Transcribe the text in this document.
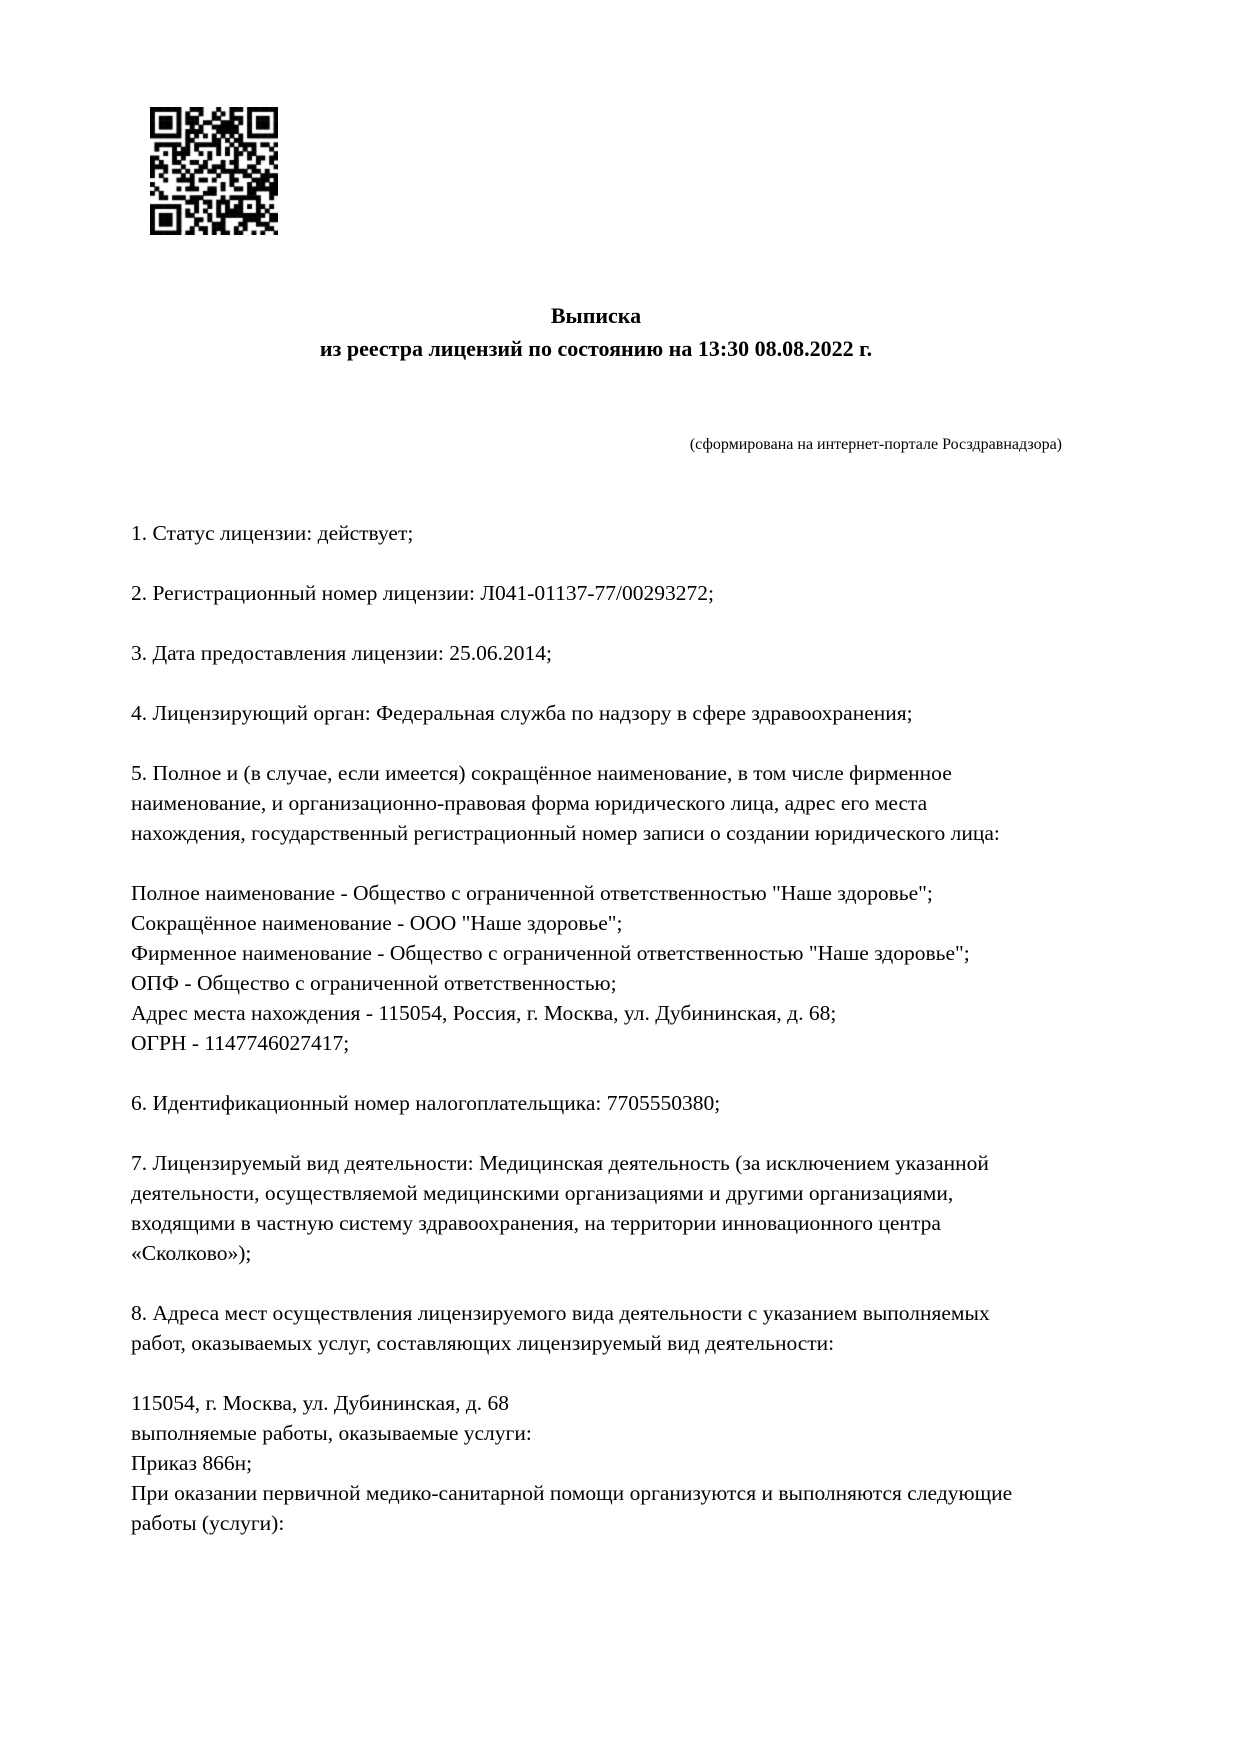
Выписка
из реестра лицензий по состоянию на 13:30 08.08.2022 г.
(сформирована на интернет-портале Росздравнадзора)
1. Статус лицензии: действует;
2. Регистрационный номер лицензии: Л041-01137-77/00293272;
3. Дата предоставления лицензии: 25.06.2014;
4. Лицензирующий орган: Федеральная служба по надзору в сфере здравоохранения;
5. Полное и (в случае, если имеется) сокращённое наименование, в том числе фирменное
наименование, и организационно-правовая форма юридического лица, адрес его места
нахождения, государственный регистрационный номер записи о создании юридического лица:
Полное наименование - Общество с ограниченной ответственностью "Наше здоровье";
Сокращённое наименование - ООО "Наше здоровье";
Фирменное наименование - Общество с ограниченной ответственностью "Наше здоровье";
ОПФ - Общество с ограниченной ответственностью;
Адрес места нахождения - 115054, Россия, г. Москва, ул. Дубининская, д. 68;
ОГРН - 1147746027417;
6. Идентификационный номер налогоплательщика: 7705550380;
7. Лицензируемый вид деятельности: Медицинская деятельность (за исключением указанной
деятельности, осуществляемой медицинскими организациями и другими организациями,
входящими в частную систему здравоохранения, на территории инновационного центра
«Сколково»);
8. Адреса мест осуществления лицензируемого вида деятельности с указанием выполняемых
работ, оказываемых услуг, составляющих лицензируемый вид деятельности:
115054, г. Москва, ул. Дубининская, д. 68
выполняемые работы, оказываемые услуги:
Приказ 866н;
При оказании первичной медико-санитарной помощи организуются и выполняются следующие
работы (услуги):
